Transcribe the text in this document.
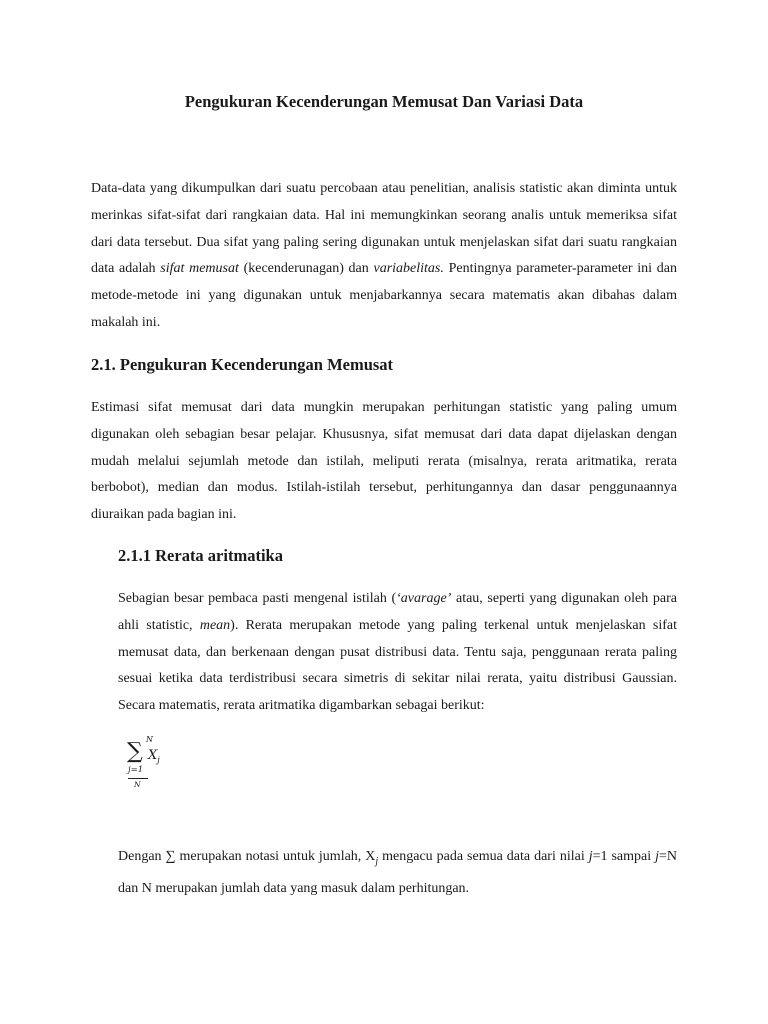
Pengukuran Kecenderungan Memusat Dan Variasi Data
Data-data yang dikumpulkan dari suatu percobaan atau penelitian, analisis statistic akan diminta untuk merinkas sifat-sifat dari rangkaian data. Hal ini memungkinkan seorang analis untuk memeriksa sifat dari data tersebut. Dua sifat yang paling sering digunakan untuk menjelaskan sifat dari suatu rangkaian data adalah sifat memusat (kecenderunagan) dan variabelitas. Pentingnya parameter-parameter ini dan metode-metode ini yang digunakan untuk menjabarkannya secara matematis akan dibahas dalam makalah ini.
2.1. Pengukuran Kecenderungan Memusat
Estimasi sifat memusat dari data mungkin merupakan perhitungan statistic yang paling umum digunakan oleh sebagian besar pelajar. Khususnya, sifat memusat dari data dapat dijelaskan dengan mudah melalui sejumlah metode dan istilah, meliputi rerata (misalnya, rerata aritmatika, rerata berbobot), median dan modus. Istilah-istilah tersebut, perhitungannya dan dasar penggunaannya diuraikan pada bagian ini.
2.1.1 Rerata aritmatika
Sebagian besar pembaca pasti mengenal istilah (‘avarage’ atau, seperti yang digunakan oleh para ahli statistic, mean). Rerata merupakan metode yang paling terkenal untuk menjelaskan sifat memusat data, dan berkenaan dengan pusat distribusi data. Tentu saja, penggunaan rerata paling sesuai ketika data terdistribusi secara simetris di sekitar nilai rerata, yaitu distribusi Gaussian. Secara matematis, rerata aritmatika digambarkan sebagai berikut:
N
∑ $X_j$
j=1
N
Dengan ∑ merupakan notasi untuk jumlah, $X_j$ mengacu pada semua data dari nilai j=1 sampai j=N dan N merupakan jumlah data yang masuk dalam perhitungan.
